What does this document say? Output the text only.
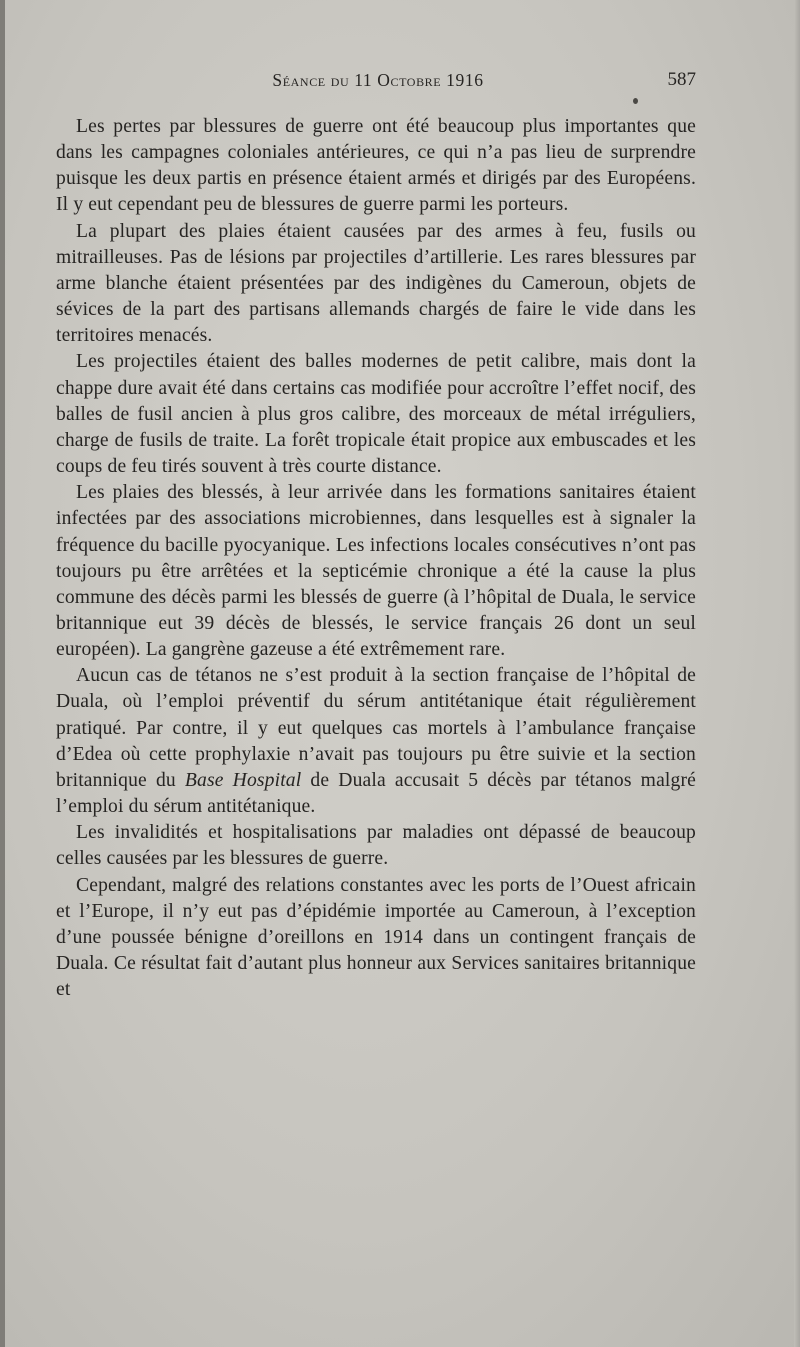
Séance du 11 Octobre 1916	587

Les pertes par blessures de guerre ont été beaucoup plus importantes que dans les campagnes coloniales antérieures, ce qui n’a pas lieu de surprendre puisque les deux partis en présence étaient armés et dirigés par des Européens. Il y eut cependant peu de blessures de guerre parmi les porteurs.

La plupart des plaies étaient causées par des armes à feu, fusils ou mitrailleuses. Pas de lésions par projectiles d’artillerie. Les rares blessures par arme blanche étaient présentées par des indigènes du Cameroun, objets de sévices de la part des partisans allemands chargés de faire le vide dans les territoires menacés.

Les projectiles étaient des balles modernes de petit calibre, mais dont la chappe dure avait été dans certains cas modifiée pour accroître l’effet nocif, des balles de fusil ancien à plus gros calibre, des morceaux de métal irréguliers, charge de fusils de traite. La forêt tropicale était propice aux embuscades et les coups de feu tirés souvent à très courte distance.

Les plaies des blessés, à leur arrivée dans les formations sanitaires étaient infectées par des associations microbiennes, dans lesquelles est à signaler la fréquence du bacille pyocyanique. Les infections locales consécutives n’ont pas toujours pu être arrêtées et la septicémie chronique a été la cause la plus commune des décès parmi les blessés de guerre (à l’hôpital de Duala, le service britannique eut 39 décès de blessés, le service français 26 dont un seul européen). La gangrène gazeuse a été extrêmement rare.

Aucun cas de tétanos ne s’est produit à la section française de l’hôpital de Duala, où l’emploi préventif du sérum antitétanique était régulièrement pratiqué. Par contre, il y eut quelques cas mortels à l’ambulance française d’Edea où cette prophylaxie n’avait pas toujours pu être suivie et la section britannique du Base Hospital de Duala accusait 5 décès par tétanos malgré l’emploi du sérum antitétanique.

Les invalidités et hospitalisations par maladies ont dépassé de beaucoup celles causées par les blessures de guerre.

Cependant, malgré des relations constantes avec les ports de l’Ouest africain et l’Europe, il n’y eut pas d’épidémie importée au Cameroun, à l’exception d’une poussée bénigne d’oreillons en 1914 dans un contingent français de Duala. Ce résultat fait d’autant plus honneur aux Services sanitaires britannique et
